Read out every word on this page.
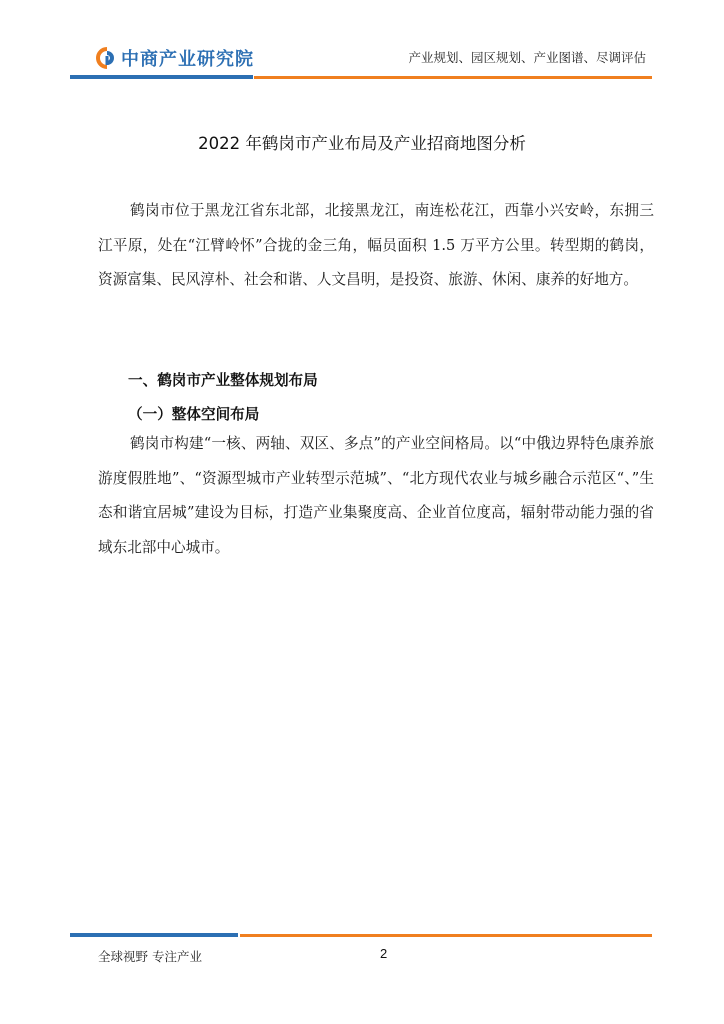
中商产业研究院	产业规划、园区规划、产业图谱、尽调评估
2022 年鹤岗市产业布局及产业招商地图分析

鹤岗市位于黑龙江省东北部，北接黑龙江，南连松花江，西靠小兴安岭，东拥三江平原，处在“江臂岭怀”合拢的金三角，幅员面积 1.5 万平方公里。转型期的鹤岗，资源富集、民风淳朴、社会和谐、人文昌明，是投资、旅游、休闲、康养的好地方。

一、鹤岗市产业整体规划布局
（一）整体空间布局

鹤岗市构建“一核、两轴、双区、多点”的产业空间格局。以“中俄边界特色康养旅游度假胜地”、“资源型城市产业转型示范城”、“北方现代农业与城乡融合示范区“、”生态和谐宜居城”建设为目标，打造产业集聚度高、企业首位度高，辐射带动能力强的省域东北部中心城市。

全球视野 专注产业	2
